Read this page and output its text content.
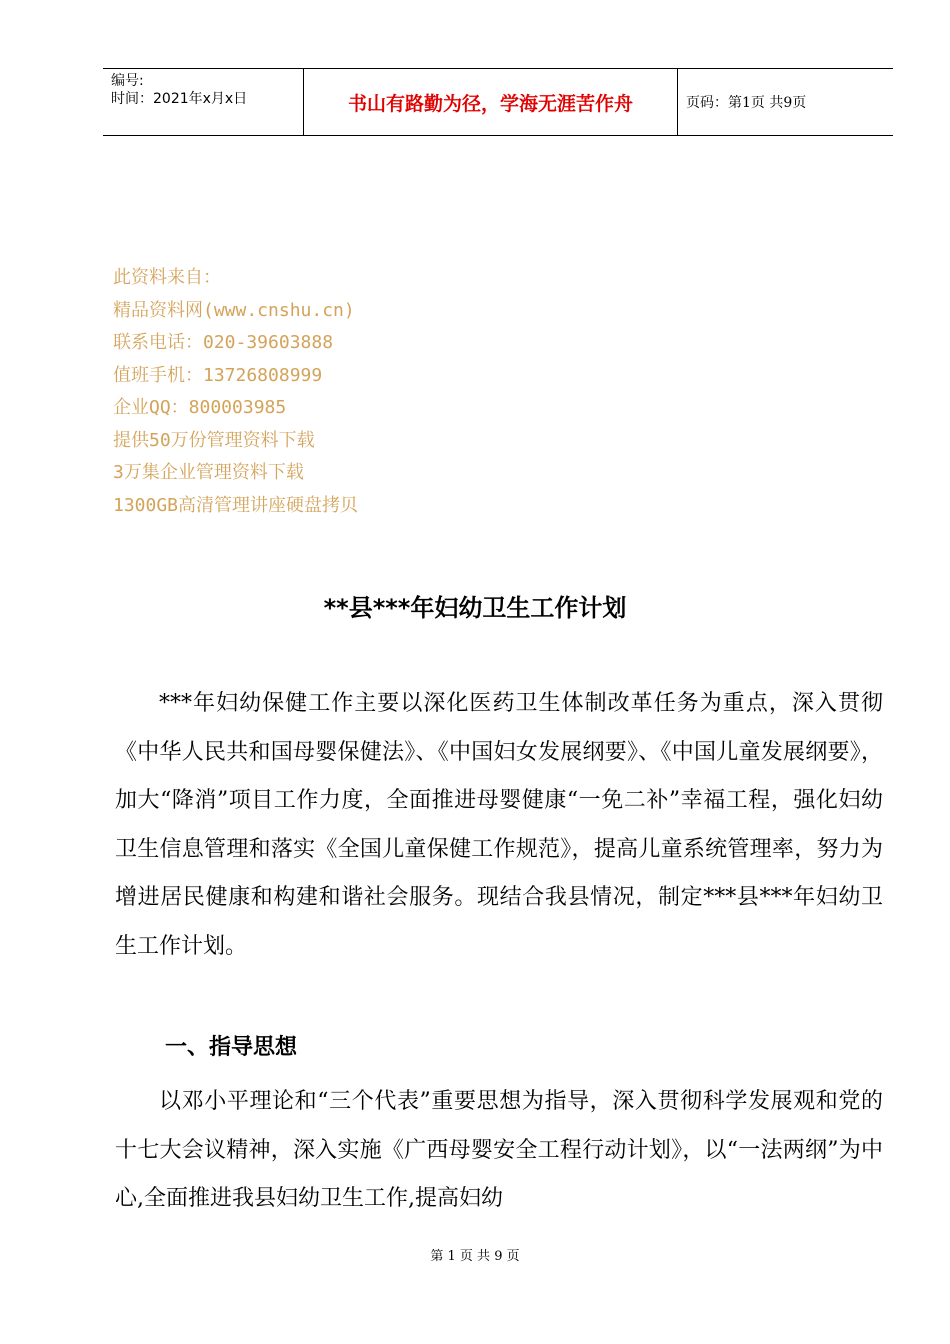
编号:
时间：2021年x月x日	书山有路勤为径，学海无涯苦作舟	页码：第1页 共9页
此资料来自：
精品资料网(www.cnshu.cn)
联系电话：020-39603888
值班手机：13726808999
企业QQ：800003985
提供50万份管理资料下载
3万集企业管理资料下载
1300GB高清管理讲座硬盘拷贝
**县***年妇幼卫生工作计划
***年妇幼保健工作主要以深化医药卫生体制改革任务为重点，深入贯彻《中华人民共和国母婴保健法》、《中国妇女发展纲要》、《中国儿童发展纲要》，加大“降消”项目工作力度，全面推进母婴健康“一免二补”幸福工程，强化妇幼卫生信息管理和落实《全国儿童保健工作规范》，提高儿童系统管理率，努力为增进居民健康和构建和谐社会服务。现结合我县情况，制定***县***年妇幼卫生工作计划。
一、指导思想
以邓小平理论和“三个代表”重要思想为指导，深入贯彻科学发展观和党的十七大会议精神，深入实施《广西母婴安全工程行动计划》，以“一法两纲”为中心,全面推进我县妇幼卫生工作,提高妇幼
第 1 页 共 9 页
